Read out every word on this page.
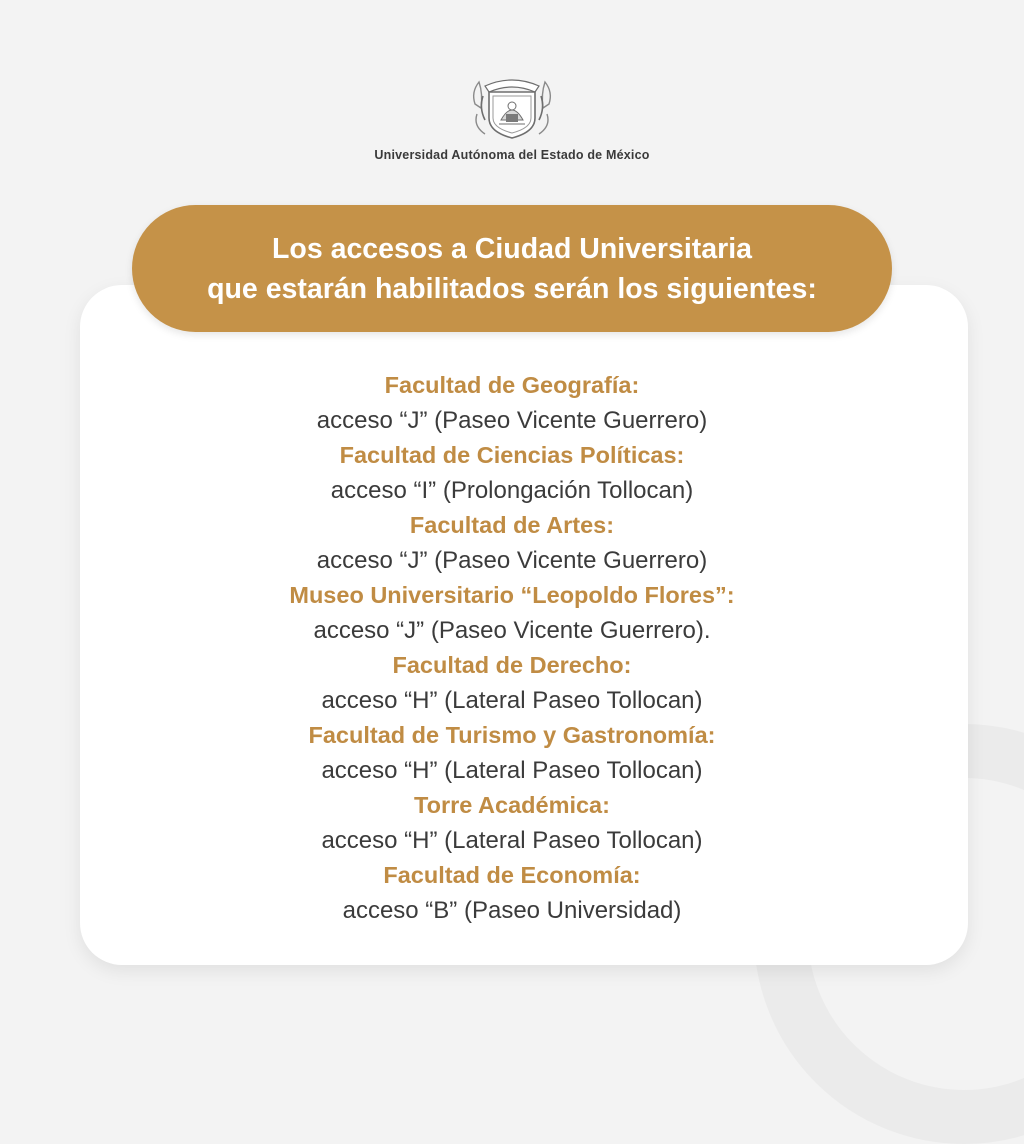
Universidad Autónoma del Estado de México
Los accesos a Ciudad Universitaria
que estarán habilitados serán los siguientes:
Facultad de Geografía:
acceso “J” (Paseo Vicente Guerrero)
Facultad de Ciencias Políticas:
acceso “I” (Prolongación Tollocan)
Facultad de Artes:
acceso “J” (Paseo Vicente Guerrero)
Museo Universitario “Leopoldo Flores”:
acceso “J” (Paseo Vicente Guerrero).
Facultad de Derecho:
acceso “H” (Lateral Paseo Tollocan)
Facultad de Turismo y Gastronomía:
acceso “H” (Lateral Paseo Tollocan)
Torre Académica:
acceso “H” (Lateral Paseo Tollocan)
Facultad de Economía:
acceso “B” (Paseo Universidad)
